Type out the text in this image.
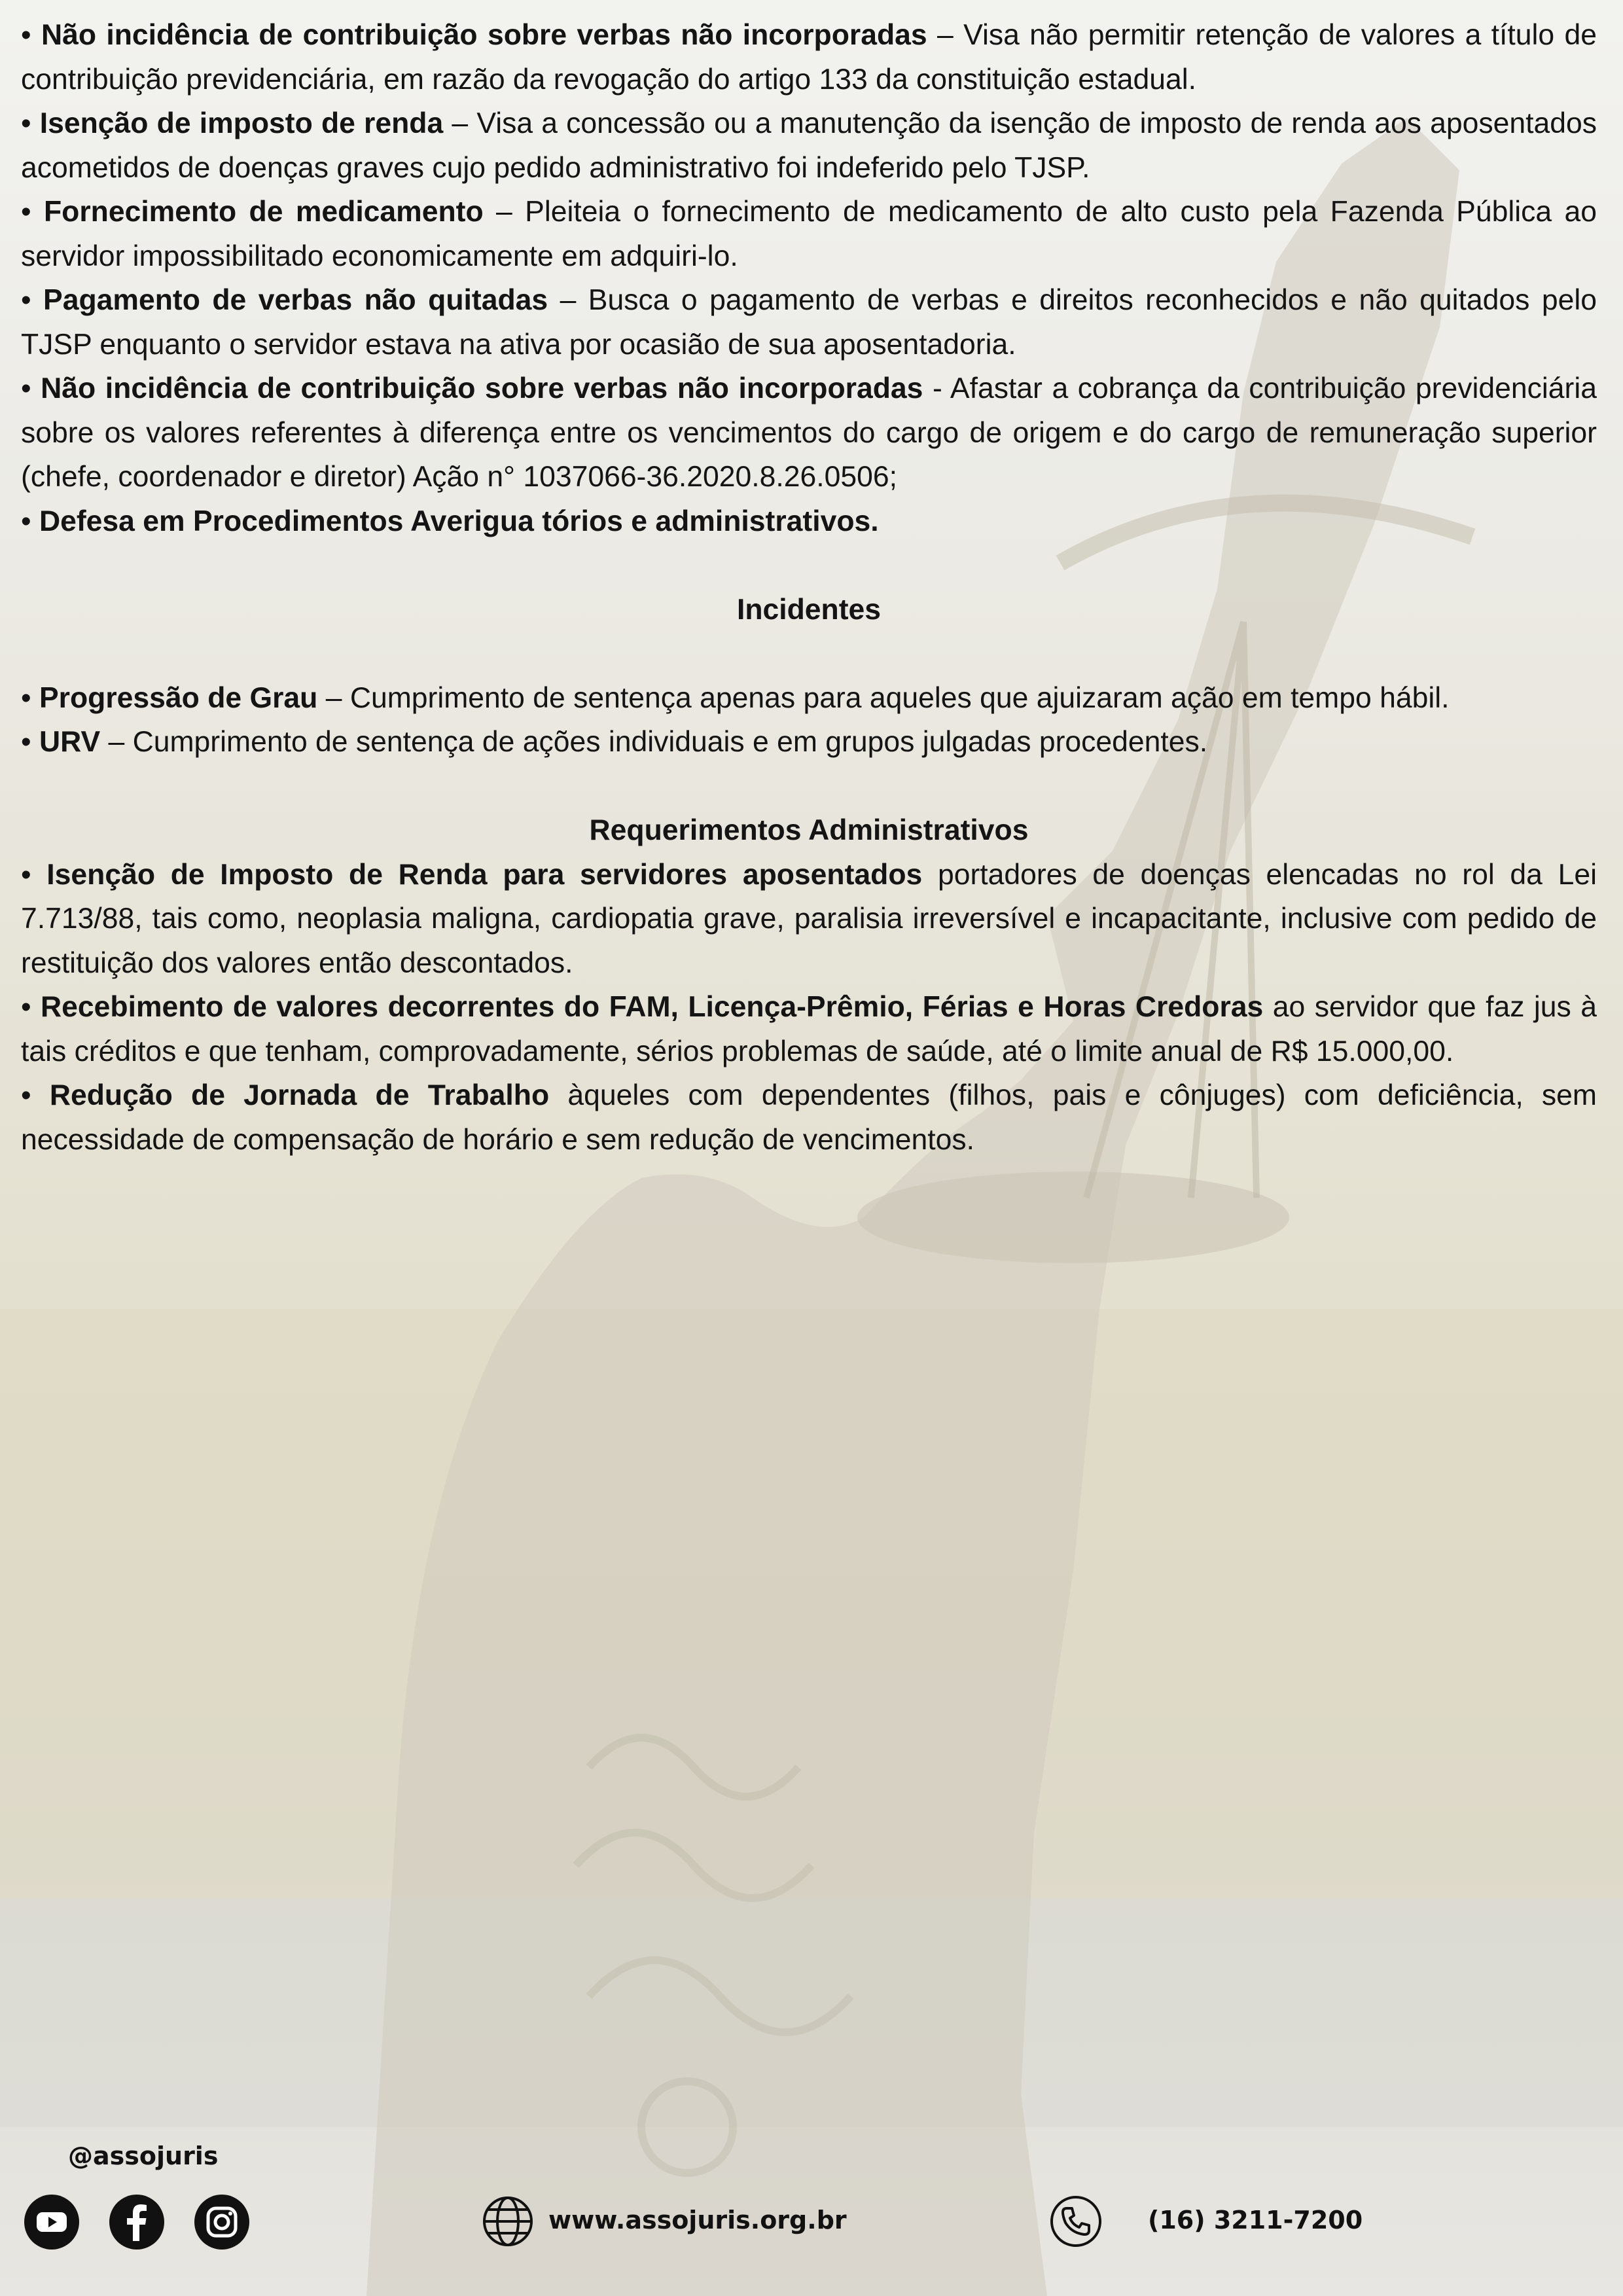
• Não incidência de contribuição sobre verbas não incorporadas – Visa não permitir retenção de valores a título de contribuição previdenciária, em razão da revogação do artigo 133 da constituição estadual.

• Isenção de imposto de renda – Visa a concessão ou a manutenção da isenção de imposto de renda aos aposentados acometidos de doenças graves cujo pedido administrativo foi indeferido pelo TJSP.

• Fornecimento de medicamento – Pleiteia o fornecimento de medicamento de alto custo pela Fazenda Pública ao servidor impossibilitado economicamente em adquiri-lo.

• Pagamento de verbas não quitadas – Busca o pagamento de verbas e direitos reconhecidos e não quitados pelo TJSP enquanto o servidor estava na ativa por ocasião de sua aposentadoria.

• Não incidência de contribuição sobre verbas não incorporadas - Afastar a cobrança da contribuição previdenciária sobre os valores referentes à diferença entre os vencimentos do cargo de origem e do cargo de remuneração superior (chefe, coordenador e diretor) Ação n° 1037066-36.2020.8.26.0506;

• Defesa em Procedimentos Averigua tórios e administrativos.

Incidentes

• Progressão de Grau – Cumprimento de sentença apenas para aqueles que ajuizaram ação em tempo hábil.

• URV – Cumprimento de sentença de ações individuais e em grupos julgadas procedentes.

Requerimentos Administrativos

• Isenção de Imposto de Renda para servidores aposentados portadores de doenças elencadas no rol da Lei 7.713/88, tais como, neoplasia maligna, cardiopatia grave, paralisia irreversível e incapacitante, inclusive com pedido de restituição dos valores então descontados.

• Recebimento de valores decorrentes do FAM, Licença-Prêmio, Férias e Horas Credoras ao servidor que faz jus à tais créditos e que tenham, comprovadamente, sérios problemas de saúde, até o limite anual de R$ 15.000,00.

• Redução de Jornada de Trabalho àqueles com dependentes (filhos, pais e cônjuges) com deficiência, sem necessidade de compensação de horário e sem redução de vencimentos.

@assojuris
www.assojuris.org.br	(16) 3211-7200
